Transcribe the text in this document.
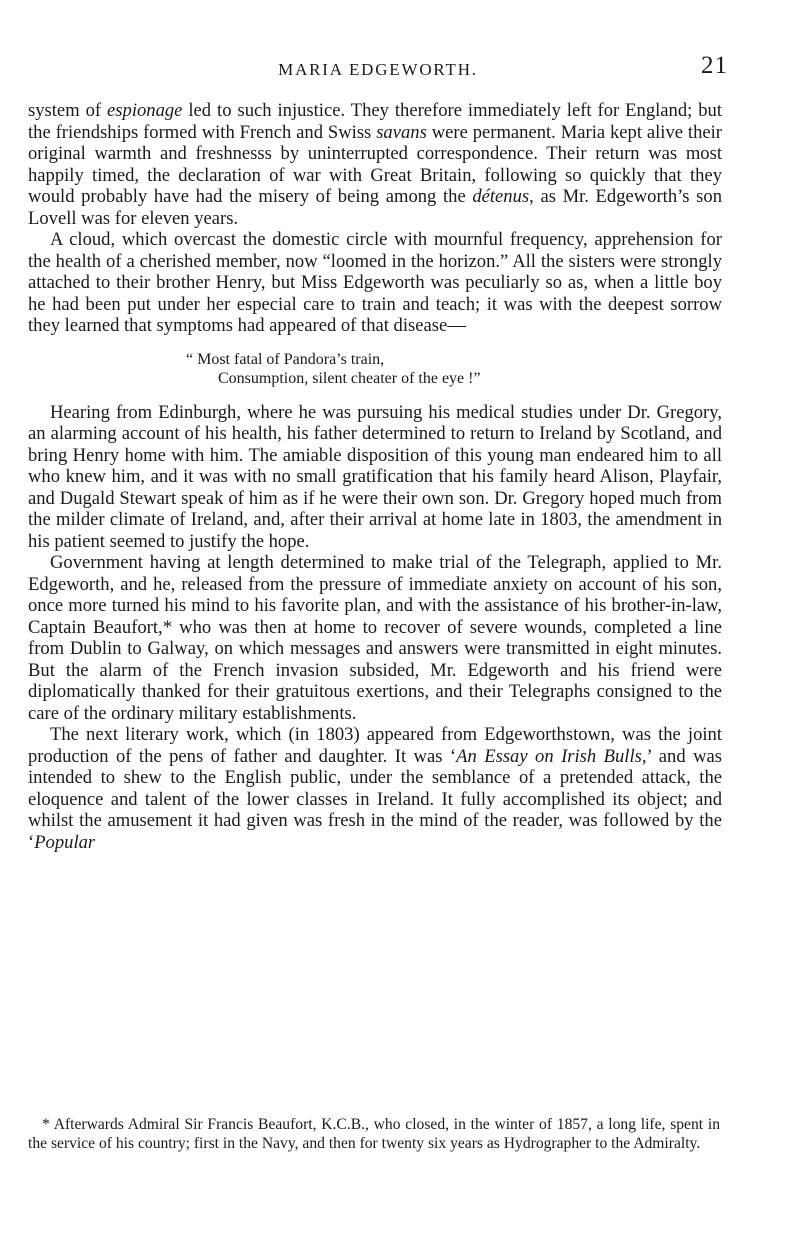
MARIA EDGEWORTH.	21

system of espionage led to such injustice. They therefore immediately left for England; but the friendships formed with French and Swiss savans were permanent. Maria kept alive their original warmth and freshnesss by uninterrupted correspondence. Their return was most happily timed, the declaration of war with Great Britain, following so quickly that they would probably have had the misery of being among the détenus, as Mr. Edgeworth’s son Lovell was for eleven years.

A cloud, which overcast the domestic circle with mournful frequency, apprehension for the health of a cherished member, now “loomed in the horizon.” All the sisters were strongly attached to their brother Henry, but Miss Edgeworth was peculiarly so as, when a little boy he had been put under her especial care to train and teach; it was with the deepest sorrow they learned that symptoms had appeared of that disease—

“ Most fatal of Pandora’s train,
Consumption, silent cheater of the eye !”

Hearing from Edinburgh, where he was pursuing his medical studies under Dr. Gregory, an alarming account of his health, his father determined to return to Ireland by Scotland, and bring Henry home with him. The amiable disposition of this young man endeared him to all who knew him, and it was with no small gratification that his family heard Alison, Playfair, and Dugald Stewart speak of him as if he were their own son. Dr. Gregory hoped much from the milder climate of Ireland, and, after their arrival at home late in 1803, the amendment in his patient seemed to justify the hope.

Government having at length determined to make trial of the Telegraph, applied to Mr. Edgeworth, and he, released from the pressure of immediate anxiety on account of his son, once more turned his mind to his favorite plan, and with the assistance of his brother-in-law, Captain Beaufort,* who was then at home to recover of severe wounds, completed a line from Dublin to Galway, on which messages and answers were transmitted in eight minutes. But the alarm of the French invasion subsided, Mr. Edgeworth and his friend were diplomatically thanked for their gratuitous exertions, and their Telegraphs consigned to the care of the ordinary military establishments.

The next literary work, which (in 1803) appeared from Edgeworthstown, was the joint production of the pens of father and daughter. It was ‘An Essay on Irish Bulls,’ and was intended to shew to the English public, under the semblance of a pretended attack, the eloquence and talent of the lower classes in Ireland. It fully accomplished its object; and whilst the amusement it had given was fresh in the mind of the reader, was followed by the ‘Popular

* Afterwards Admiral Sir Francis Beaufort, K.C.B., who closed, in the winter of 1857, a long life, spent in the service of his country; first in the Navy, and then for twenty six years as Hydrographer to the Admiralty.
